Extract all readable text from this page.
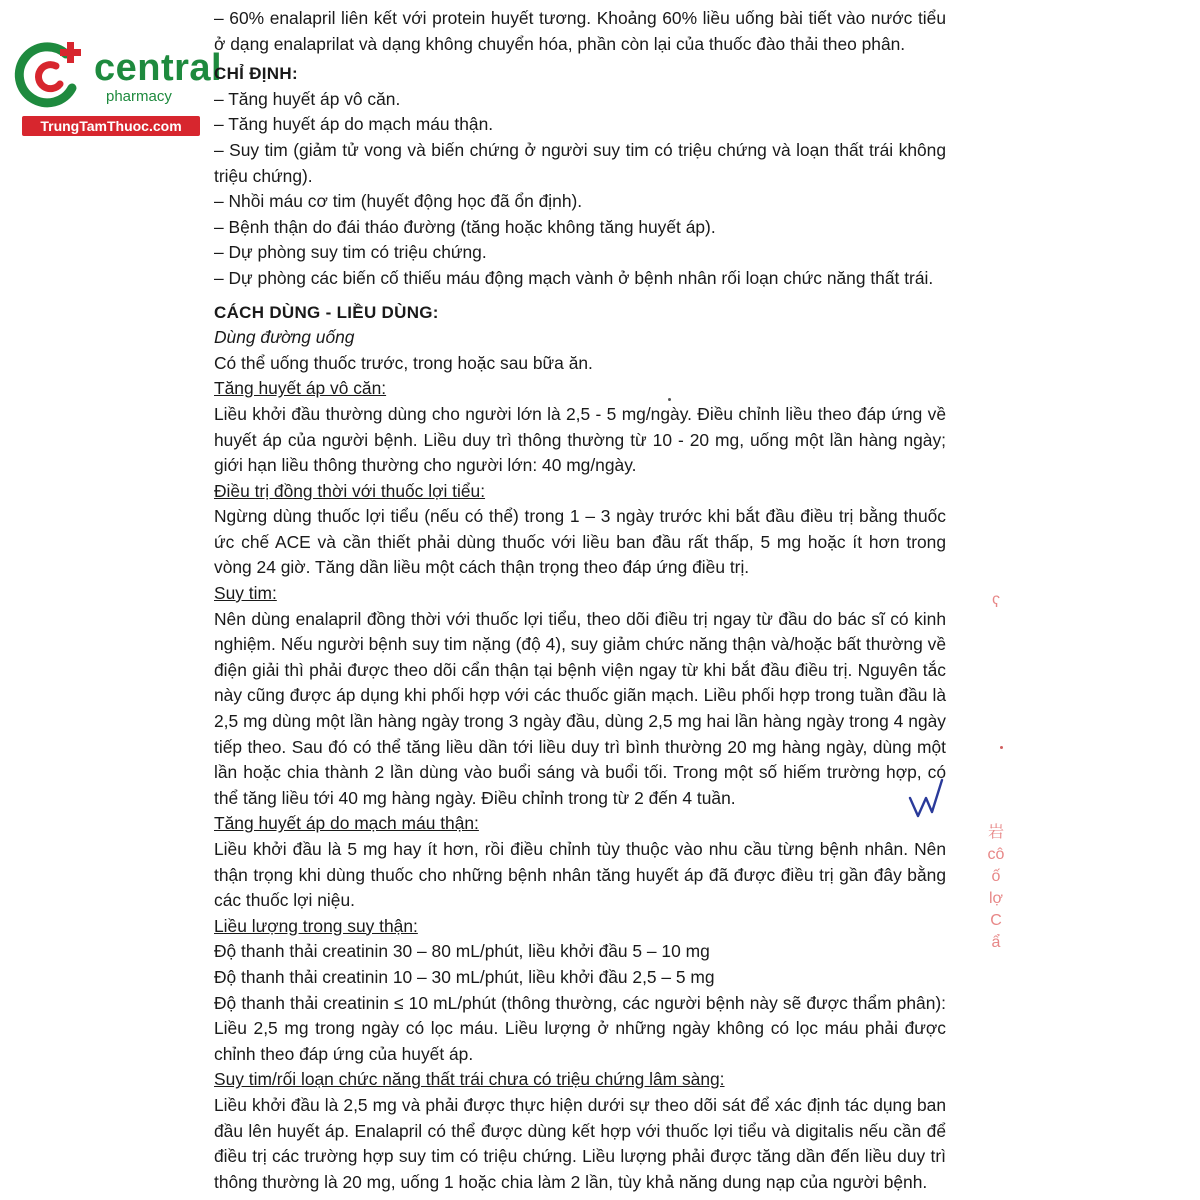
central
pharmacy
TrungTamThuoc.com

– 60% enalapril liên kết với protein huyết tương. Khoảng 60% liều uống bài tiết vào nước tiểu ở dạng enalaprilat và dạng không chuyển hóa, phần còn lại của thuốc đào thải theo phân.

CHỈ ĐỊNH:

– Tăng huyết áp vô căn.

– Tăng huyết áp do mạch máu thận.

– Suy tim (giảm tử vong và biến chứng ở người suy tim có triệu chứng và loạn thất trái không triệu chứng).

– Nhồi máu cơ tim (huyết động học đã ổn định).

– Bệnh thận do đái tháo đường (tăng hoặc không tăng huyết áp).

– Dự phòng suy tim có triệu chứng.

– Dự phòng các biến cố thiếu máu động mạch vành ở bệnh nhân rối loạn chức năng thất trái.

CÁCH DÙNG - LIỀU DÙNG:

Dùng đường uống

Có thể uống thuốc trước, trong hoặc sau bữa ăn.

Tăng huyết áp vô căn:

Liều khởi đầu thường dùng cho người lớn là 2,5 - 5 mg/ngày. Điều chỉnh liều theo đáp ứng về huyết áp của người bệnh. Liều duy trì thông thường từ 10 - 20 mg, uống một lần hàng ngày; giới hạn liều thông thường cho người lớn: 40 mg/ngày.

Điều trị đồng thời với thuốc lợi tiểu:

Ngừng dùng thuốc lợi tiểu (nếu có thể) trong 1 – 3 ngày trước khi bắt đầu điều trị bằng thuốc ức chế ACE và cần thiết phải dùng thuốc với liều ban đầu rất thấp, 5 mg hoặc ít hơn trong vòng 24 giờ. Tăng dần liều một cách thận trọng theo đáp ứng điều trị.

Suy tim:

Nên dùng enalapril đồng thời với thuốc lợi tiểu, theo dõi điều trị ngay từ đầu do bác sĩ có kinh nghiệm. Nếu người bệnh suy tim nặng (độ 4), suy giảm chức năng thận và/hoặc bất thường về điện giải thì phải được theo dõi cẩn thận tại bệnh viện ngay từ khi bắt đầu điều trị. Nguyên tắc này cũng được áp dụng khi phối hợp với các thuốc giãn mạch. Liều phối hợp trong tuần đầu là 2,5 mg dùng một lần hàng ngày trong 3 ngày đầu, dùng 2,5 mg hai lần hàng ngày trong 4 ngày tiếp theo. Sau đó có thể tăng liều dần tới liều duy trì bình thường 20 mg hàng ngày, dùng một lần hoặc chia thành 2 lần dùng vào buổi sáng và buổi tối. Trong một số hiếm trường hợp, có thể tăng liều tới 40 mg hàng ngày. Điều chỉnh trong từ 2 đến 4 tuần.

Tăng huyết áp do mạch máu thận:

Liều khởi đầu là 5 mg hay ít hơn, rồi điều chỉnh tùy thuộc vào nhu cầu từng bệnh nhân. Nên thận trọng khi dùng thuốc cho những bệnh nhân tăng huyết áp đã được điều trị gần đây bằng các thuốc lợi niệu.

Liều lượng trong suy thận:

Độ thanh thải creatinin 30 – 80 mL/phút, liều khởi đầu 5 – 10 mg

Độ thanh thải creatinin 10 – 30 mL/phút, liều khởi đầu 2,5 – 5 mg

Độ thanh thải creatinin ≤ 10 mL/phút (thông thường, các người bệnh này sẽ được thẩm phân): Liều 2,5 mg trong ngày có lọc máu. Liều lượng ở những ngày không có lọc máu phải được chỉnh theo đáp ứng của huyết áp.

Suy tim/rối loạn chức năng thất trái chưa có triệu chứng lâm sàng:

Liều khởi đầu là 2,5 mg và phải được thực hiện dưới sự theo dõi sát để xác định tác dụng ban đầu lên huyết áp. Enalapril có thể được dùng kết hợp với thuốc lợi tiểu và digitalis nếu cần để điều trị các trường hợp suy tim có triệu chứng. Liều lượng phải được tăng dần đến liều duy trì thông thường là 20 mg, uống 1 hoặc chia làm 2 lần, tùy khả năng dung nạp của người bệnh.

ʕ
岩
cô
ố
lợ
C
ẩ
